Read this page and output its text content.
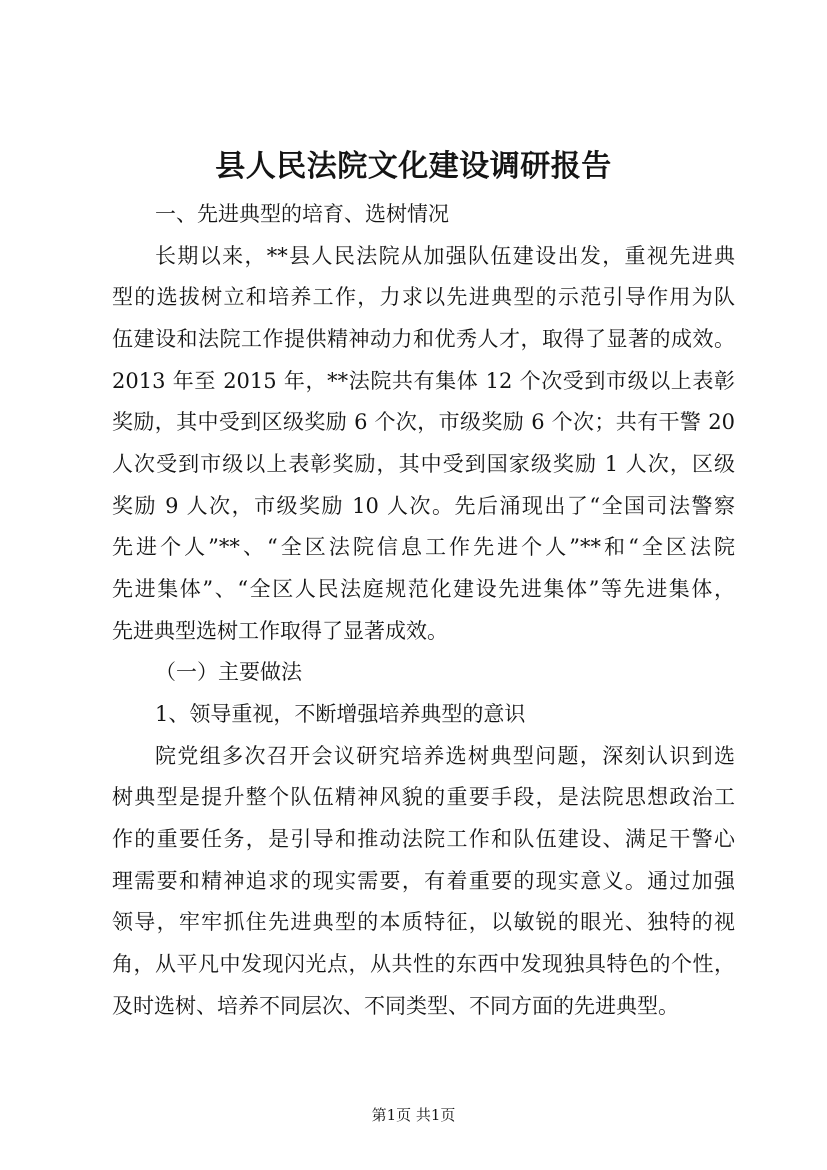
县人民法院文化建设调研报告
一、先进典型的培育、选树情况
长期以来，**县人民法院从加强队伍建设出发，重视先进典
型的选拔树立和培养工作，力求以先进典型的示范引导作用为队
伍建设和法院工作提供精神动力和优秀人才，取得了显著的成效。
2013 年至 2015 年，**法院共有集体 12 个次受到市级以上表彰
奖励，其中受到区级奖励 6 个次，市级奖励 6 个次；共有干警 20
人次受到市级以上表彰奖励，其中受到国家级奖励 1 人次，区级
奖励 9 人次，市级奖励 10 人次。先后涌现出了“全国司法警察
先进个人”**、“全区法院信息工作先进个人”**和“全区法院
先进集体”、“全区人民法庭规范化建设先进集体”等先进集体，
先进典型选树工作取得了显著成效。
（一）主要做法
1、领导重视，不断增强培养典型的意识
院党组多次召开会议研究培养选树典型问题，深刻认识到选
树典型是提升整个队伍精神风貌的重要手段，是法院思想政治工
作的重要任务，是引导和推动法院工作和队伍建设、满足干警心
理需要和精神追求的现实需要，有着重要的现实意义。通过加强
领导，牢牢抓住先进典型的本质特征，以敏锐的眼光、独特的视
角，从平凡中发现闪光点，从共性的东西中发现独具特色的个性，
及时选树、培养不同层次、不同类型、不同方面的先进典型。
第1页 共1页
